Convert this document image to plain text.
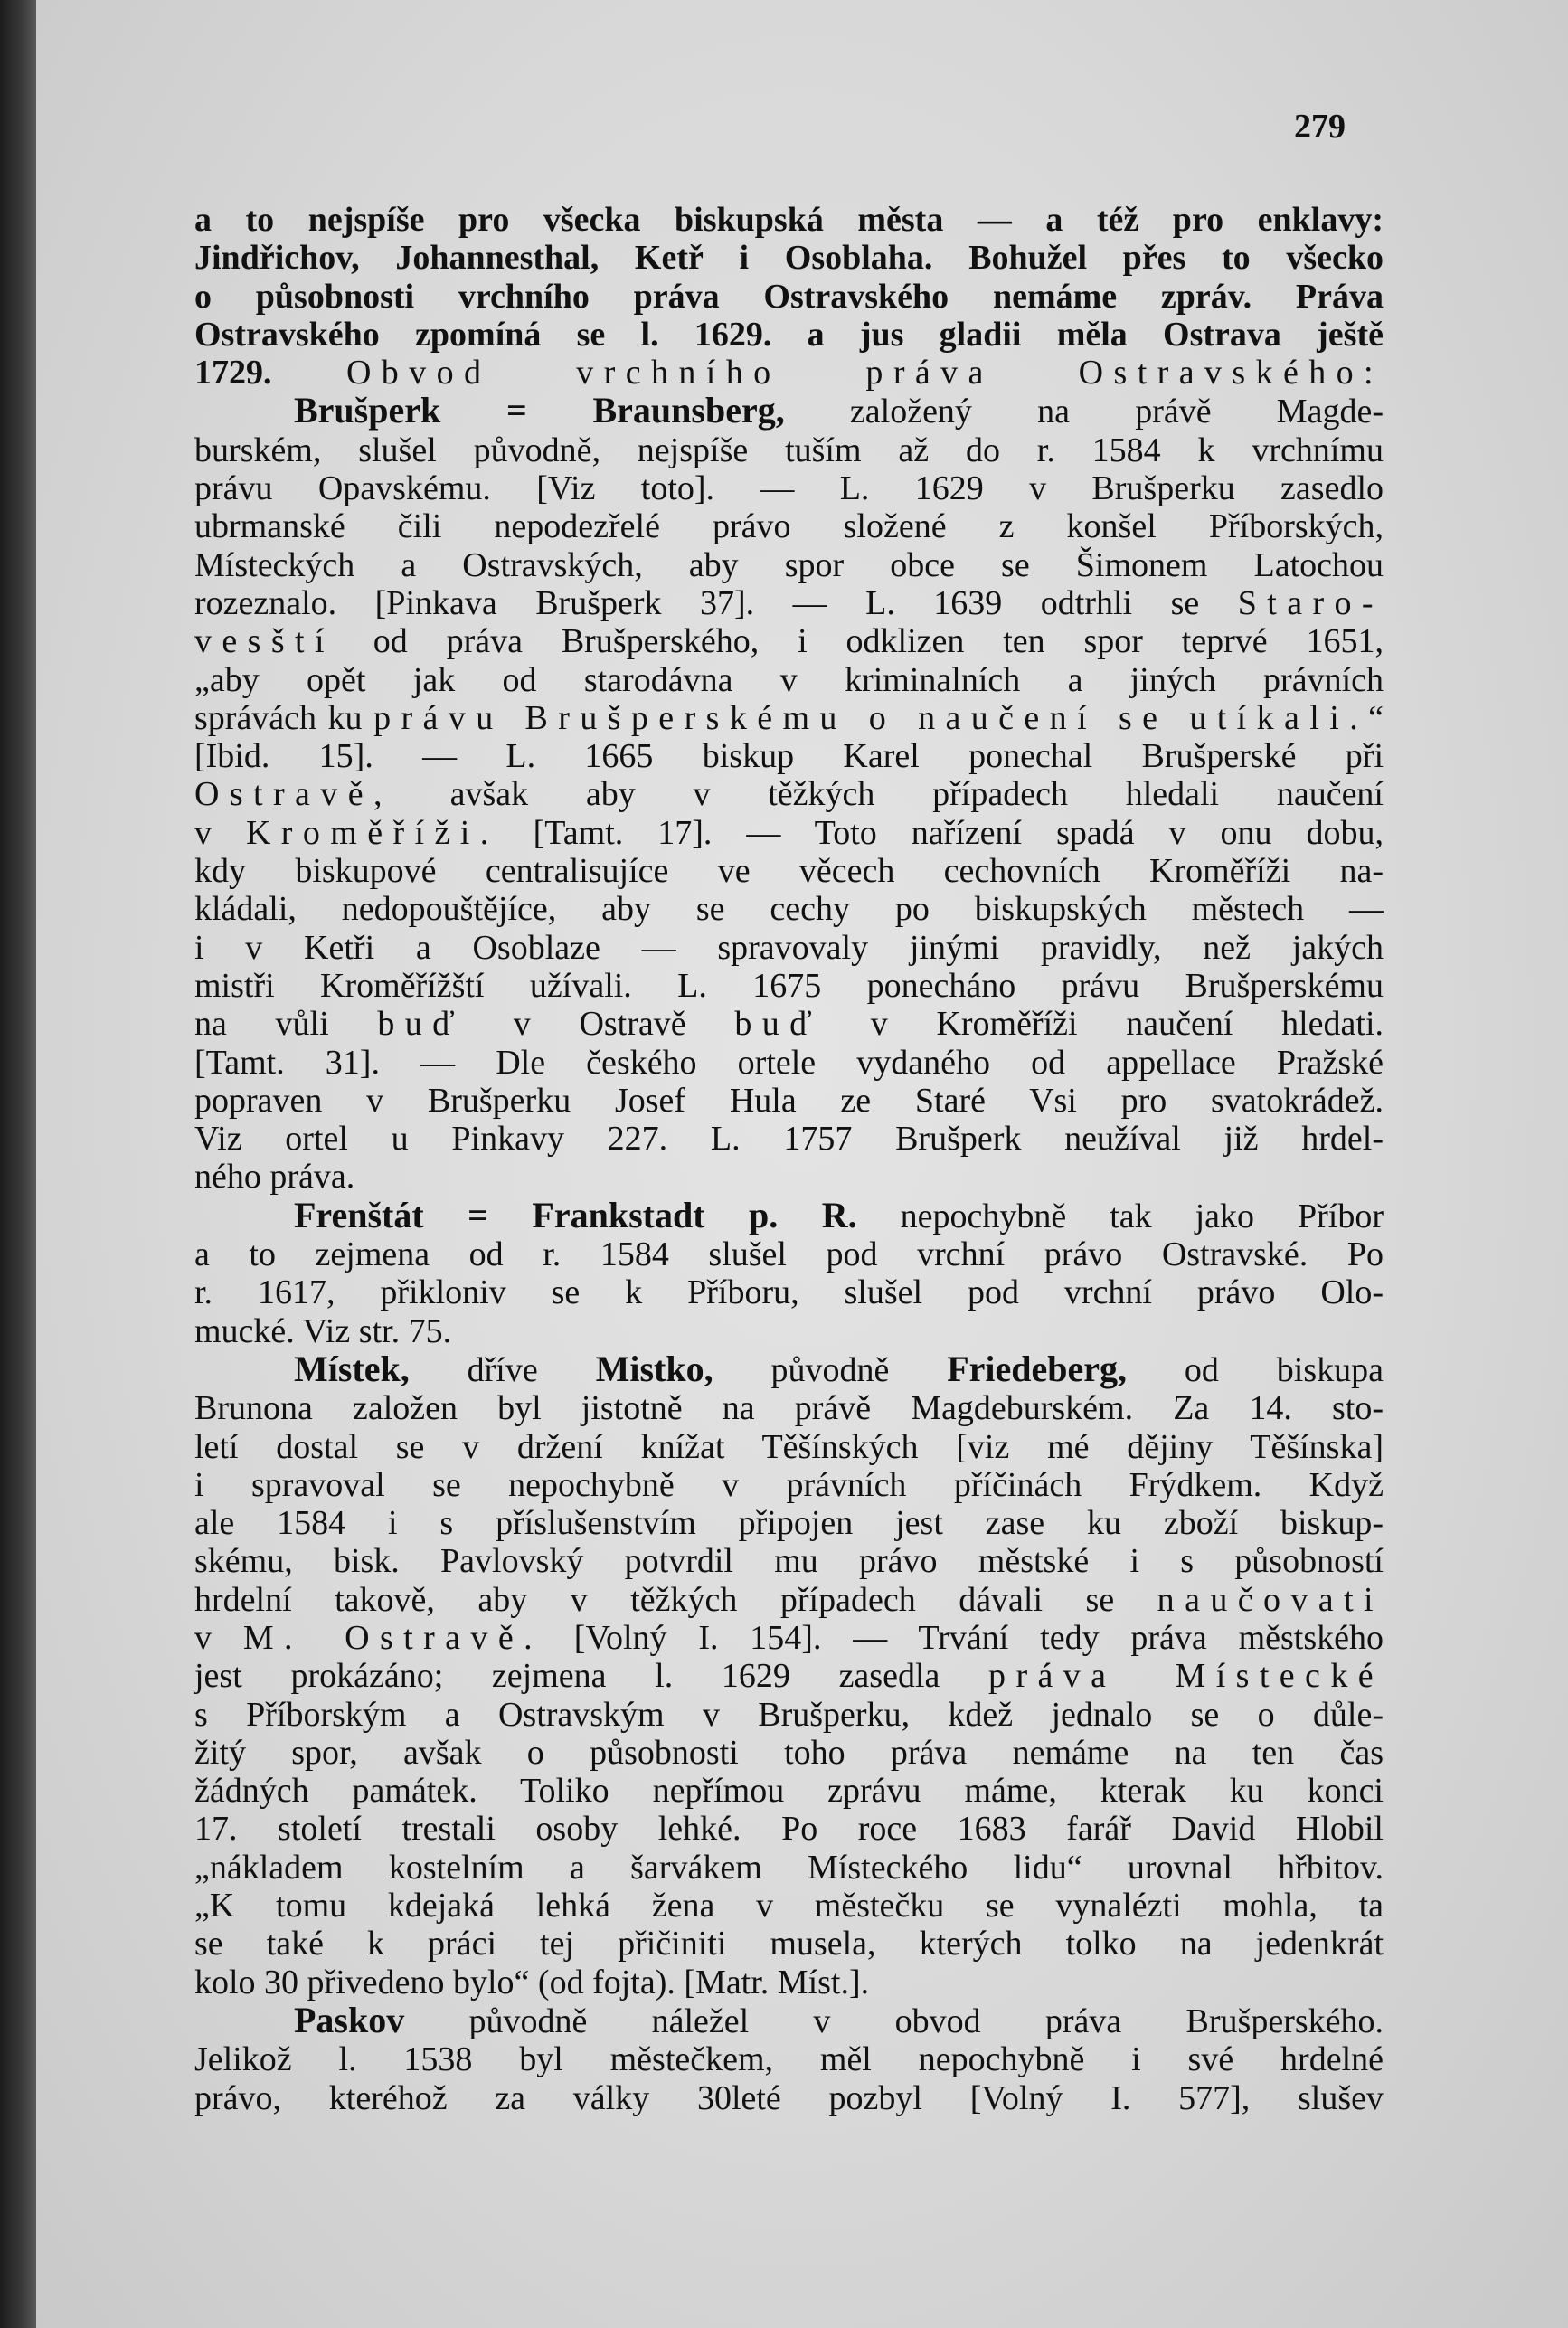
279
a to nejspíše pro všecka biskupská města — a též pro enklavy:
Jindřichov, Johannesthal, Ketř i Osoblaha. Bohužel přes to všecko
o působnosti vrchního práva Ostravského nemáme zpráv. Práva
Ostravského zpomíná se l. 1629. a jus gladii měla Ostrava ještě
1729. Obvod vrchního práva Ostravského:
Brušperk = Braunsberg, založený na právě Magde-
burském, slušel původně, nejspíše tuším až do r. 1584 k vrchnímu
právu Opavskému. [Viz toto]. — L. 1629 v Brušperku zasedlo
ubrmanské čili nepodezřelé právo složené z konšel Příborských,
Místeckých a Ostravských, aby spor obce se Šimonem Latochou
rozeznalo. [Pinkava Brušperk 37]. — L. 1639 odtrhli se Staro-
vesští od práva Brušperského, i odklizen ten spor teprvé 1651,
„aby opět jak od starodávna v kriminalních a jiných právních
správách ku právu Brušperskému o naučení se utíkali.“
[Ibid. 15]. — L. 1665 biskup Karel ponechal Brušperské při
Ostravě, avšak aby v těžkých případech hledali naučení
v Kroměříži. [Tamt. 17]. — Toto nařízení spadá v onu dobu,
kdy biskupové centralisujíce ve věcech cechovních Kroměříži na-
kládali, nedopouštějíce, aby se cechy po biskupských městech —
i v Ketři a Osoblaze — spravovaly jinými pravidly, než jakých
mistři Kroměřížští užívali. L. 1675 ponecháno právu Brušperskému
na vůli buď v Ostravě buď v Kroměříži naučení hledati.
[Tamt. 31]. — Dle českého ortele vydaného od appellace Pražské
popraven v Brušperku Josef Hula ze Staré Vsi pro svatokrádež.
Viz ortel u Pinkavy 227. L. 1757 Brušperk neužíval již hrdel-
ného práva.
Frenštát = Frankstadt p. R. nepochybně tak jako Příbor
a to zejmena od r. 1584 slušel pod vrchní právo Ostravské. Po
r. 1617, přikloniv se k Příboru, slušel pod vrchní právo Olo-
mucké. Viz str. 75.
Místek, dříve Mistko, původně Friedeberg, od biskupa
Brunona založen byl jistotně na právě Magdeburském. Za 14. sto-
letí dostal se v držení knížat Těšínských [viz mé dějiny Těšínska]
i spravoval se nepochybně v právních příčinách Frýdkem. Když
ale 1584 i s příslušenstvím připojen jest zase ku zboží biskup-
skému, bisk. Pavlovský potvrdil mu právo městské i s působností
hrdelní takově, aby v těžkých případech dávali se naučovati
v M. Ostravě. [Volný I. 154]. — Trvání tedy práva městského
jest prokázáno; zejmena l. 1629 zasedla práva Místecké
s Příborským a Ostravským v Brušperku, kdež jednalo se o důle-
žitý spor, avšak o působnosti toho práva nemáme na ten čas
žádných památek. Toliko nepřímou zprávu máme, kterak ku konci
17. století trestali osoby lehké. Po roce 1683 farář David Hlobil
„nákladem kostelním a šarvákem Místeckého lidu“ urovnal hřbitov.
„K tomu kdejaká lehká žena v městečku se vynalézti mohla, ta
se také k práci tej přičiniti musela, kterých tolko na jedenkrát
kolo 30 přivedeno bylo“ (od fojta). [Matr. Míst.].
Paskov původně náležel v obvod práva Brušperského.
Jelikož l. 1538 byl městečkem, měl nepochybně i své hrdelné
právo, kteréhož za války 30leté pozbyl [Volný I. 577], slušev
